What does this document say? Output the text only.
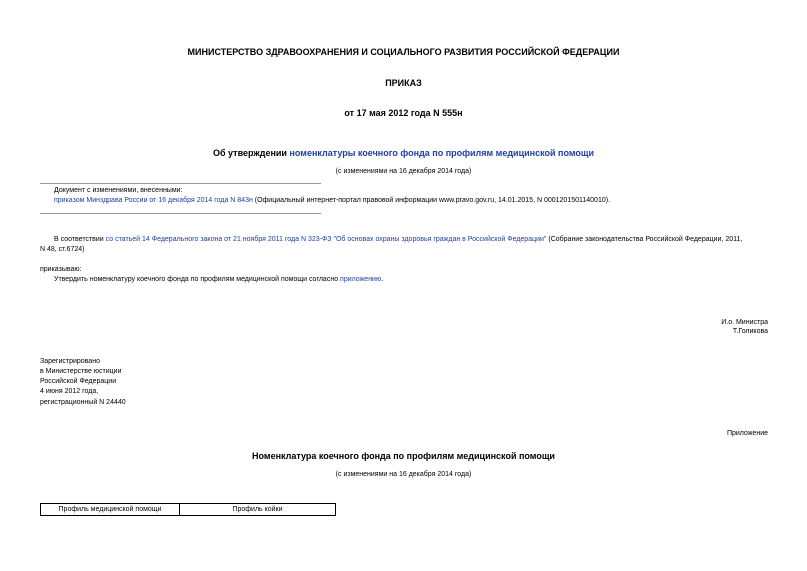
МИНИСТЕРСТВО ЗДРАВООХРАНЕНИЯ И СОЦИАЛЬНОГО РАЗВИТИЯ РОССИЙСКОЙ ФЕДЕРАЦИИ
ПРИКАЗ
от 17 мая 2012 года N 555н
Об утверждении номенклатуры коечного фонда по профилям медицинской помощи
(с изменениями на 16 декабря 2014 года)
Документ с изменениями, внесенными:
приказом Минздрава России от 16 декабря 2014 года N 843н (Официальный интернет-портал правовой информации www.pravo.gov.ru, 14.01.2015, N 0001201501140010).
В соответствии со статьей 14 Федерального закона от 21 ноября 2011 года N 323-ФЗ "Об основах охраны здоровья граждан в Российской Федерации" (Собрание законодательства Российской Федерации, 2011,
N 48, ст.6724)
приказываю:
Утвердить номенклатуру коечного фонда по профилям медицинской помощи согласно приложению.
И.о. Министра
Т.Голикова
Зарегистрировано
в Министерстве юстиции
Российской Федерации
4 июня 2012 года,
регистрационный N 24440
Приложение
Номенклатура коечного фонда по профилям медицинской помощи
(с изменениями на 16 декабря 2014 года)
Профиль медицинской помощи	Профиль койки
